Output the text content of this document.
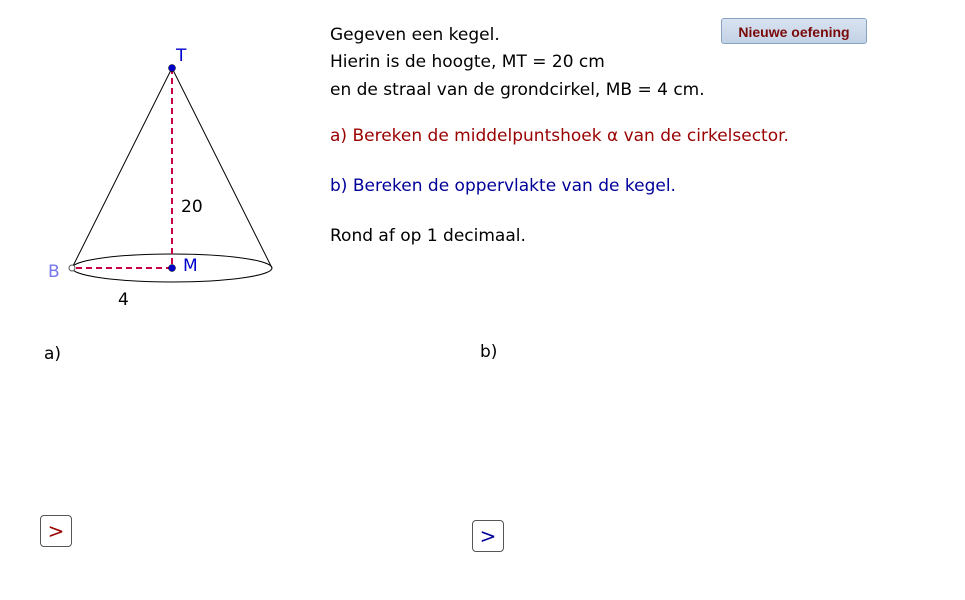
T
M
B
20
4
Gegeven een kegel.
Hierin is de hoogte, MT = 20 cm
en de straal van de grondcirkel, MB = 4 cm.
a) Bereken de middelpuntshoek α van de cirkelsector.
b) Bereken de oppervlakte van de kegel.
Rond af op 1 decimaal.
Nieuwe oefening
a)	b)
>	>
